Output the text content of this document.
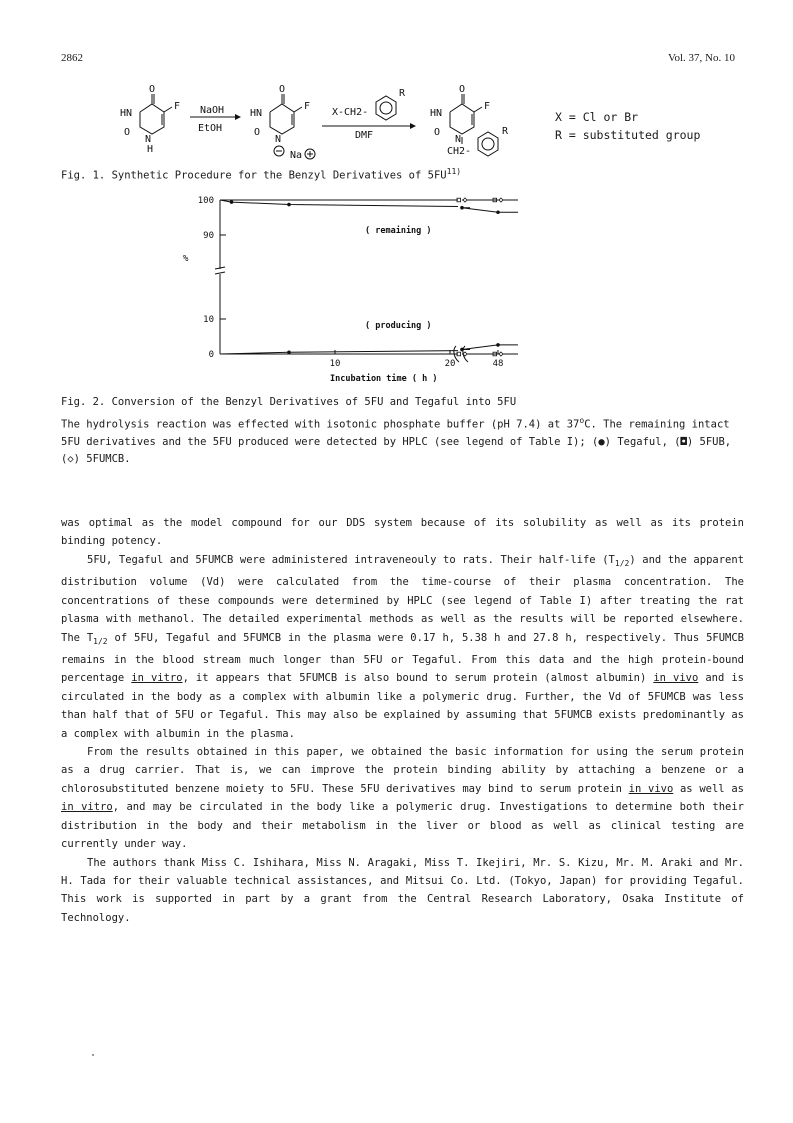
2862	Vol. 37, No. 10
O
F
HN
O
N
H
NaOH
EtOH
O
F
HN
O
N
Na
X-CH2-
R
DMF
O
F
HN
O
N
CH2-
R
X = Cl or Br
R = substituted group
Fig. 1. Synthetic Procedure for the Benzyl Derivatives of 5FU$^{11)}$
%
Incubation time ( h )
( remaining )
( producing )
100
90
10
0
10	20	48

Fig. 2. Conversion of the Benzyl Derivatives of 5FU and Tegaful into 5FU

The hydrolysis reaction was effected with isotonic phosphate buffer (pH 7.4) at 37$^o$C. The remaining intact

5FU derivatives and the 5FU produced were detected by HPLC (see legend of Table I); (●) Tegaful, (◘) 5FUB,

(◇) 5FUMCB.

was optimal as the model compound for our DDS system because of its solubility as well as its protein binding potency.

5FU, Tegaful and 5FUMCB were administered intraveneouly to rats. Their half-life $(T_{1/2})$ and the apparent distribution volume (Vd) were calculated from the time-course of their plasma concentration. The concentrations of these compounds were determined by HPLC (see legend of Table I) after treating the rat plasma with methanol. The detailed experimental methods as well as the results will be reported elsewhere. The $T_{1/2}$ of 5FU, Tegaful and 5FUMCB in the plasma were 0.17 h, 5.38 h and 27.8 h, respectively. Thus 5FUMCB remains in the blood stream much longer than 5FU or Tegaful. From this data and the high protein-bound percentage in vitro, it appears that 5FUMCB is also bound to serum protein (almost albumin) in vivo and is circulated in the body as a complex with albumin like a polymeric drug. Further, the Vd of 5FUMCB was less than half that of 5FU or Tegaful. This may also be explained by assuming that 5FUMCB exists predominantly as a complex with albumin in the plasma.

From the results obtained in this paper, we obtained the basic information for using the serum protein as a drug carrier. That is, we can improve the protein binding ability by attaching a benzene or a chlorosubstituted benzene moiety to 5FU. These 5FU derivatives may bind to serum protein in vivo as well as in vitro, and may be circulated in the body like a polymeric drug. Investigations to determine both their distribution in the body and their metabolism in the liver or blood as well as clinical testing are currently under way.

The authors thank Miss C. Ishihara, Miss N. Aragaki, Miss T. Ikejiri, Mr. S. Kizu, Mr. M. Araki and Mr. H. Tada for their valuable technical assistances, and Mitsui Co. Ltd. (Tokyo, Japan) for providing Tegaful. This work is supported in part by a grant from the Central Research Laboratory, Osaka Institute of Technology.
